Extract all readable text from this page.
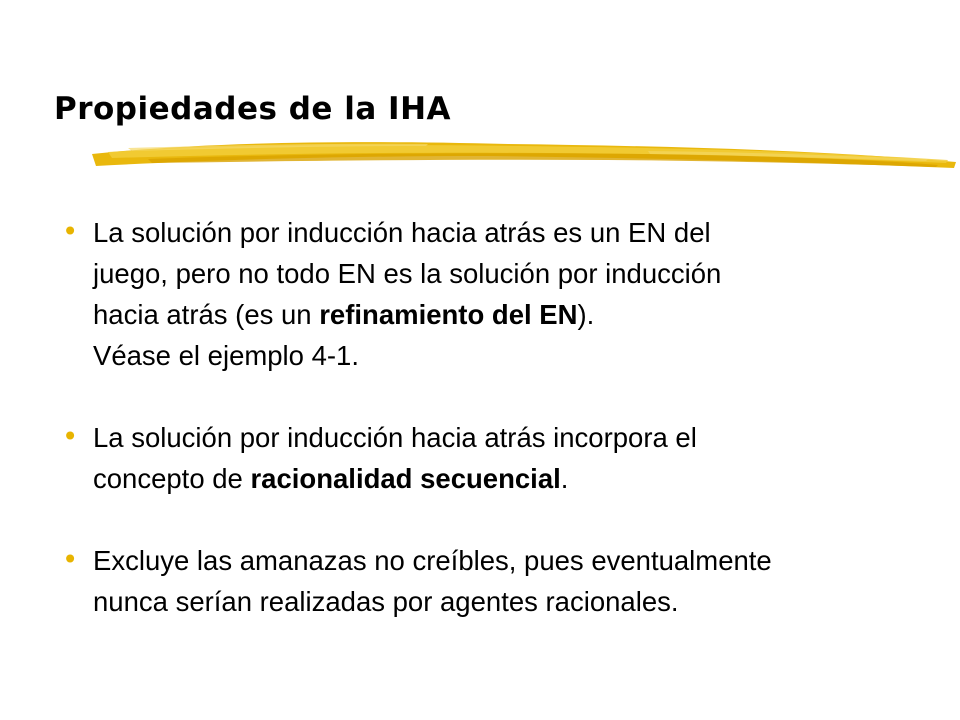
Propiedades de la IHA
• La solución por inducción hacia atrás es un EN del
juego, pero no todo EN es la solución por inducción
hacia atrás (es un refinamiento del EN).
Véase el ejemplo 4-1.
• La solución por inducción hacia atrás incorpora el
concepto de racionalidad secuencial.
• Excluye las amanazas no creíbles, pues eventualmente
nunca serían realizadas por agentes racionales.
